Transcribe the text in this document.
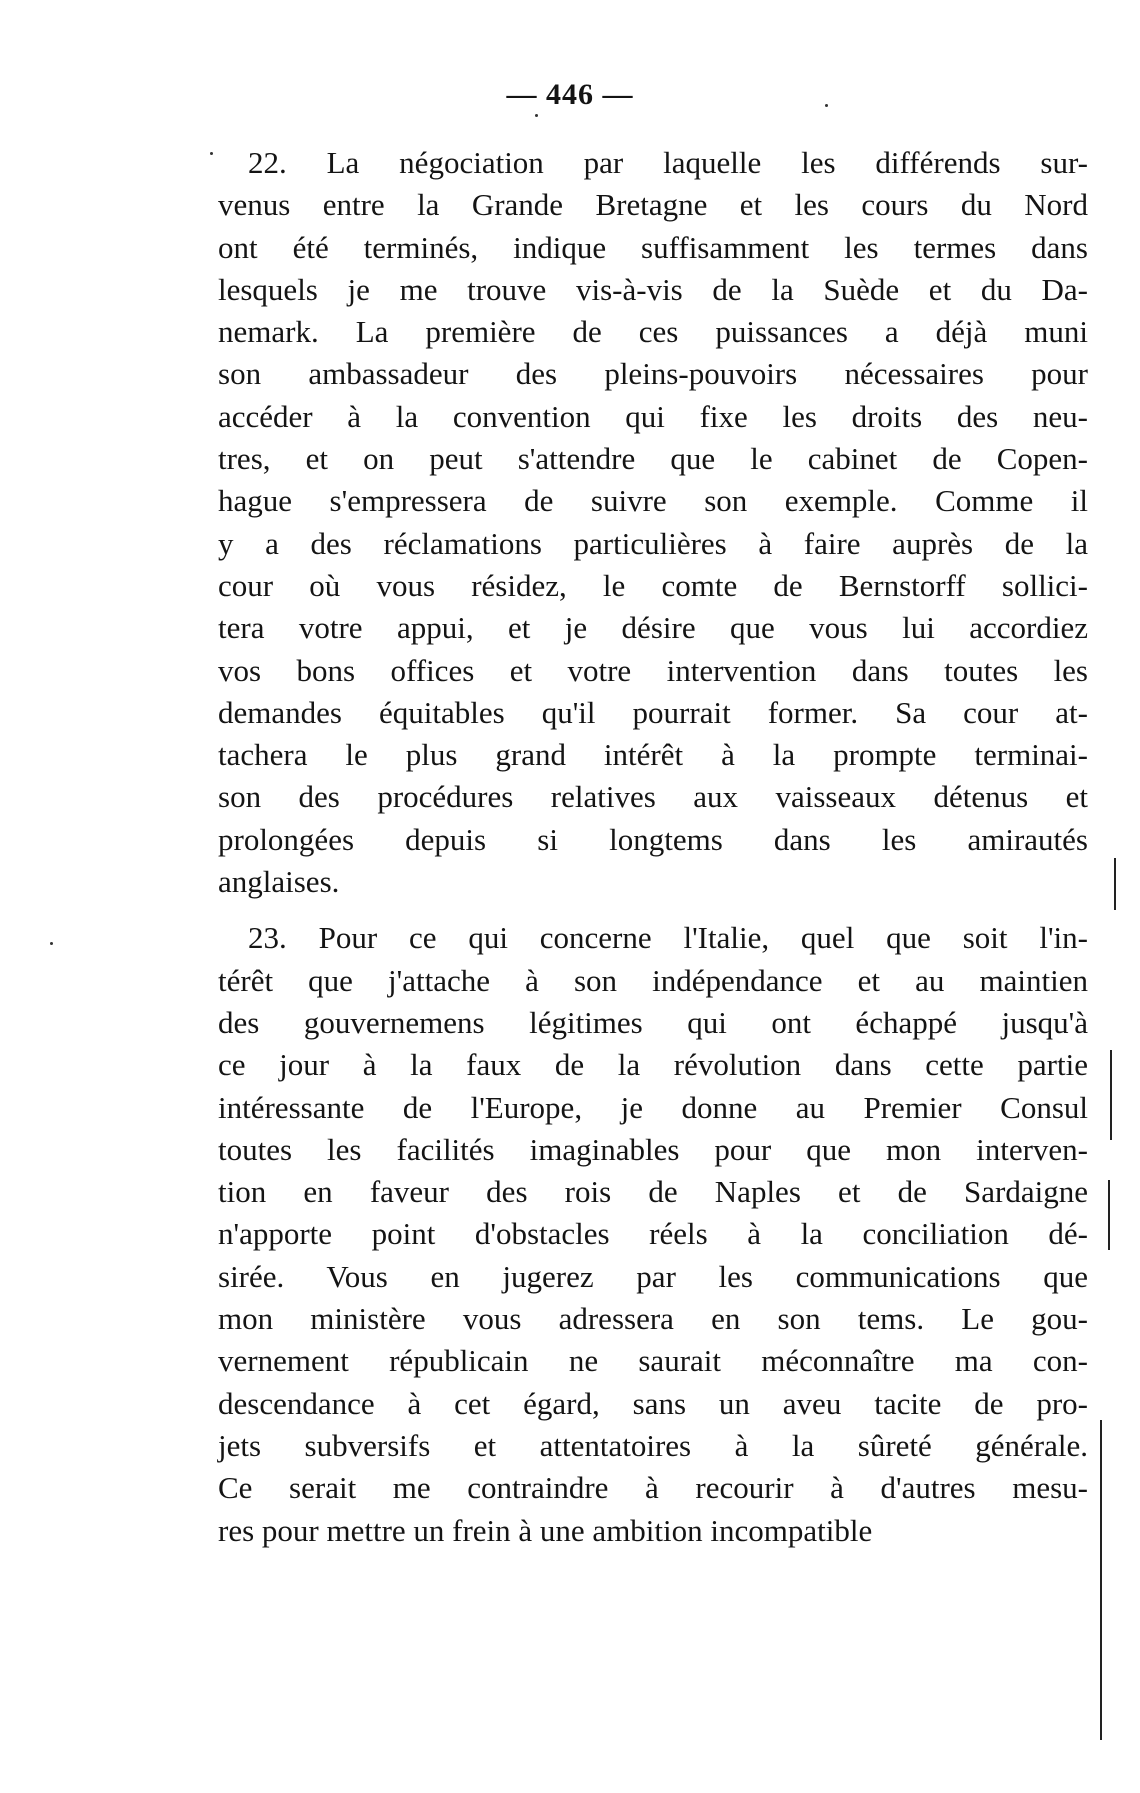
— 446 —
22. La négociation par laquelle les différends sur-
venus entre la Grande Bretagne et les cours du Nord
ont été terminés, indique suffisamment les termes dans
lesquels je me trouve vis-à-vis de la Suède et du Da-
nemark. La première de ces puissances a déjà muni
son ambassadeur des pleins-pouvoirs nécessaires pour
accéder à la convention qui fixe les droits des neu-
tres, et on peut s'attendre que le cabinet de Copen-
hague s'empressera de suivre son exemple. Comme il
y a des réclamations particulières à faire auprès de la
cour où vous résidez, le comte de Bernstorff sollici-
tera votre appui, et je désire que vous lui accordiez
vos bons offices et votre intervention dans toutes les
demandes équitables qu'il pourrait former. Sa cour at-
tachera le plus grand intérêt à la prompte terminai-
son des procédures relatives aux vaisseaux détenus et
prolongées depuis si longtems dans les amirautés
anglaises.
23. Pour ce qui concerne l'Italie, quel que soit l'in-
térêt que j'attache à son indépendance et au maintien
des gouvernemens légitimes qui ont échappé jusqu'à
ce jour à la faux de la révolution dans cette partie
intéressante de l'Europe, je donne au Premier Consul
toutes les facilités imaginables pour que mon interven-
tion en faveur des rois de Naples et de Sardaigne
n'apporte point d'obstacles réels à la conciliation dé-
sirée. Vous en jugerez par les communications que
mon ministère vous adressera en son tems. Le gou-
vernement républicain ne saurait méconnaître ma con-
descendance à cet égard, sans un aveu tacite de pro-
jets subversifs et attentatoires à la sûreté générale.
Ce serait me contraindre à recourir à d'autres mesu-
res pour mettre un frein à une ambition incompatible
